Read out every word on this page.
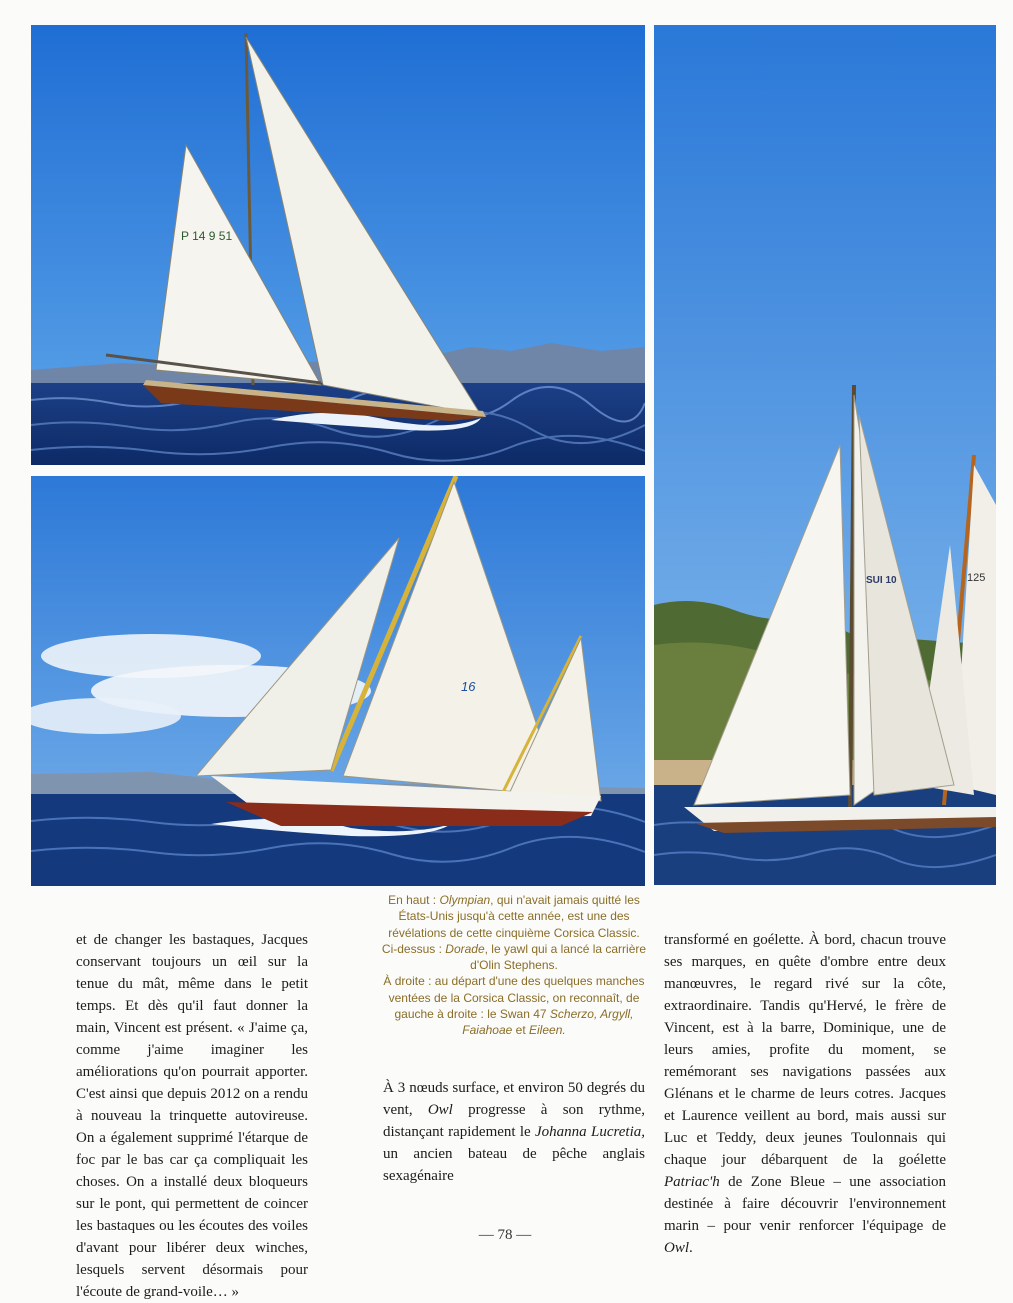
P 14 9 51
16
125
SUI 10
En haut : Olympian, qui n'avait jamais quitté les États-Unis jusqu'à cette année, est une des révélations de cette cinquième Corsica Classic.
Ci-dessus : Dorade, le yawl qui a lancé la carrière d'Olin Stephens.
À droite : au départ d'une des quelques manches ventées de la Corsica Classic, on reconnaît, de gauche à droite : le Swan 47 Scherzo, Argyll, Faiahoae et Eileen.

et de changer les bastaques, Jacques conservant toujours un œil sur la tenue du mât, même dans le petit temps. Et dès qu'il faut donner la main, Vincent est présent. « J'aime ça, comme j'aime imaginer les améliorations qu'on pourrait apporter. C'est ainsi que depuis 2012 on a rendu à nouveau la trinquette autovireuse. On a également supprimé l'étarque de foc par le bas car ça compliquait les choses. On a installé deux bloqueurs sur le pont, qui permettent de coincer les bastaques ou les écoutes des voiles d'avant pour libérer deux winches, lesquels servent désormais pour l'écoute de grand-voile… »

À 3 nœuds surface, et environ 50 degrés du vent, Owl progresse à son rythme, distançant rapidement le Johanna Lucretia, un ancien bateau de pêche anglais sexagénaire

transformé en goélette. À bord, chacun trouve ses marques, en quête d'ombre entre deux manœuvres, le regard rivé sur la côte, extraordinaire. Tandis qu'Hervé, le frère de Vincent, est à la barre, Dominique, une de leurs amies, profite du moment, se remémorant ses navigations passées aux Glénans et le charme de leurs cotres. Jacques et Laurence veillent au bord, mais aussi sur Luc et Teddy, deux jeunes Toulonnais qui chaque jour débarquent de la goélette Patriac'h de Zone Bleue – une association destinée à faire découvrir l'environnement marin – pour venir renforcer l'équipage de Owl.

— 78 —
